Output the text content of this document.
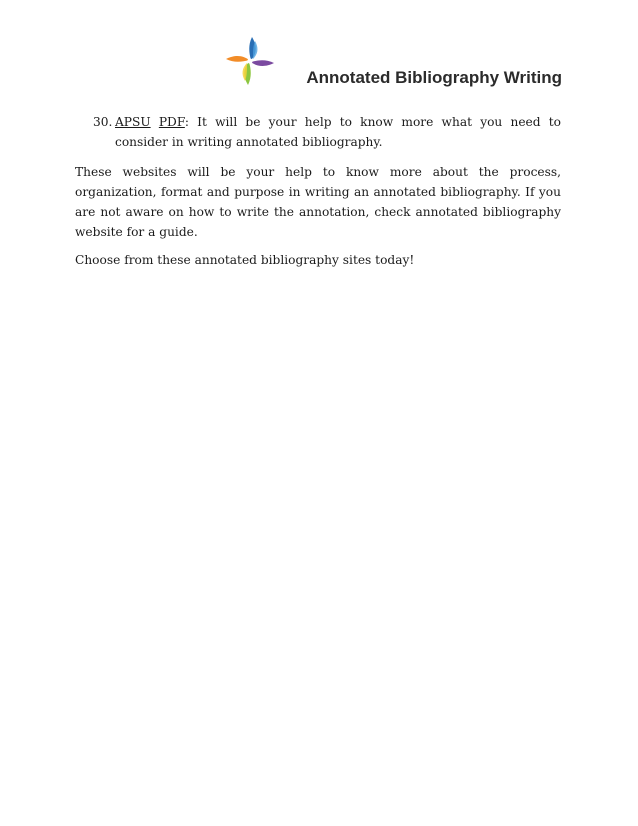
Annotated Bibliography Writing
30. APSU PDF: It will be your help to know more what you need to consider in writing annotated bibliography.

These websites will be your help to know more about the process, organization, format and purpose in writing an annotated bibliography. If you are not aware on how to write the annotation, check annotated bibliography website for a guide.

Choose from these annotated bibliography sites today!
